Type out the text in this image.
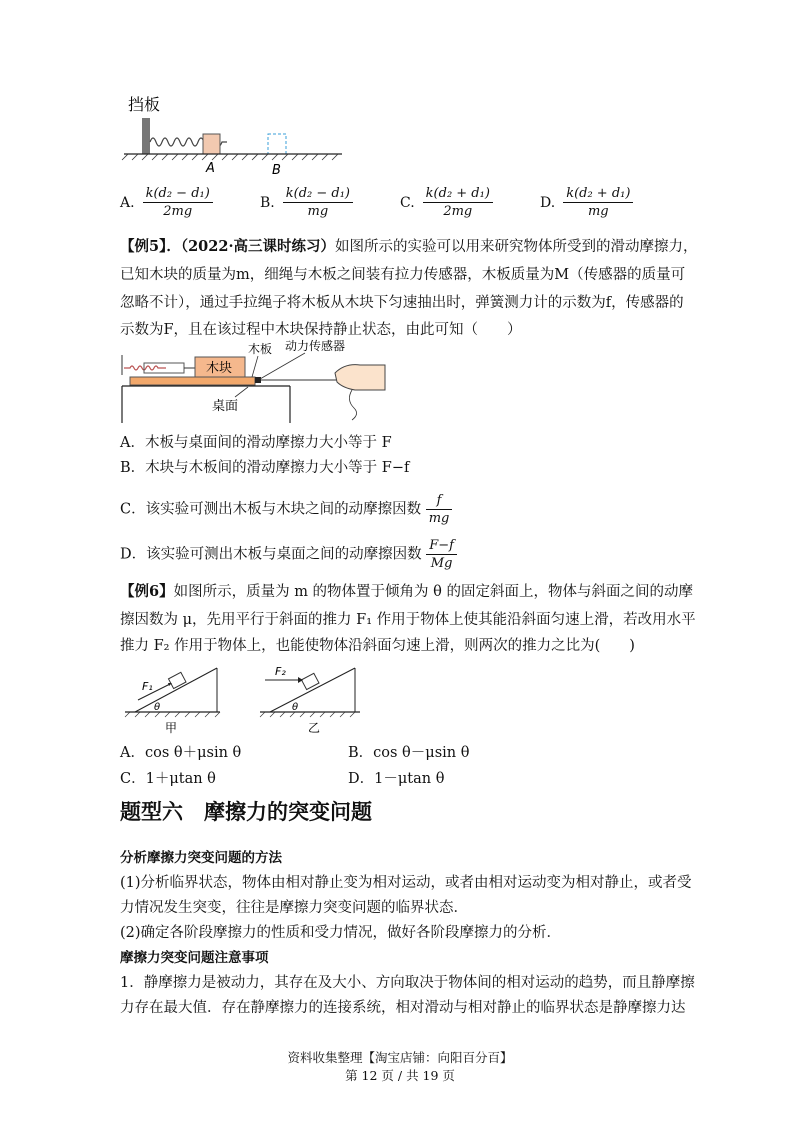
挡板
A	B
A. $\frac{\text{k(d₂ − d₁)}}{2mg}$	B. $\frac{\text{k(d₂ − d₁)}}{mg}$	C. $\frac{\text{k(d₂ + d₁)}}{2mg}$	D. $\frac{\text{k(d₂ + d₁)}}{mg}$
【例5】．（2022·高三课时练习）如图所示的实验可以用来研究物体所受到的滑动摩擦力，
已知木块的质量为m，细绳与木板之间装有拉力传感器，木板质量为M（传感器的质量可
忽略不计），通过手拉绳子将木板从木块下匀速抽出时，弹簧测力计的示数为f，传感器的
示数为F，且在该过程中木块保持静止状态，由此可知（　　）
木块
木板 动力传感器
桌面
A．木板与桌面间的滑动摩擦力大小等于 F
B．木块与木板间的滑动摩擦力大小等于 F−f
C．该实验可测出木板与木块之间的动摩擦因数 $\frac{f}{mg}$
D．该实验可测出木板与桌面之间的动摩擦因数 $\frac{F-f}{Mg}$
【例6】如图所示，质量为 m 的物体置于倾角为 θ 的固定斜面上，物体与斜面之间的动摩
擦因数为 μ，先用平行于斜面的推力 F₁ 作用于物体上使其能沿斜面匀速上滑，若改用水平
推力 F₂ 作用于物体上，也能使物体沿斜面匀速上滑，则两次的推力之比为(　　)
F₁
θ
甲
F₂
θ
乙
A．cos θ＋μsin θ	B．cos θ－μsin θ
C．1＋μtan θ	D．1－μtan θ
题型六　摩擦力的突变问题
分析摩擦力突变问题的方法
(1)分析临界状态，物体由相对静止变为相对运动，或者由相对运动变为相对静止，或者受
力情况发生突变，往往是摩擦力突变问题的临界状态．
(2)确定各阶段摩擦力的性质和受力情况，做好各阶段摩擦力的分析．
摩擦力突变问题注意事项
1．静摩擦力是被动力，其存在及大小、方向取决于物体间的相对运动的趋势，而且静摩擦
力存在最大值．存在静摩擦力的连接系统，相对滑动与相对静止的临界状态是静摩擦力达
资料收集整理【淘宝店铺：向阳百分百】
第 12 页 / 共 19 页
